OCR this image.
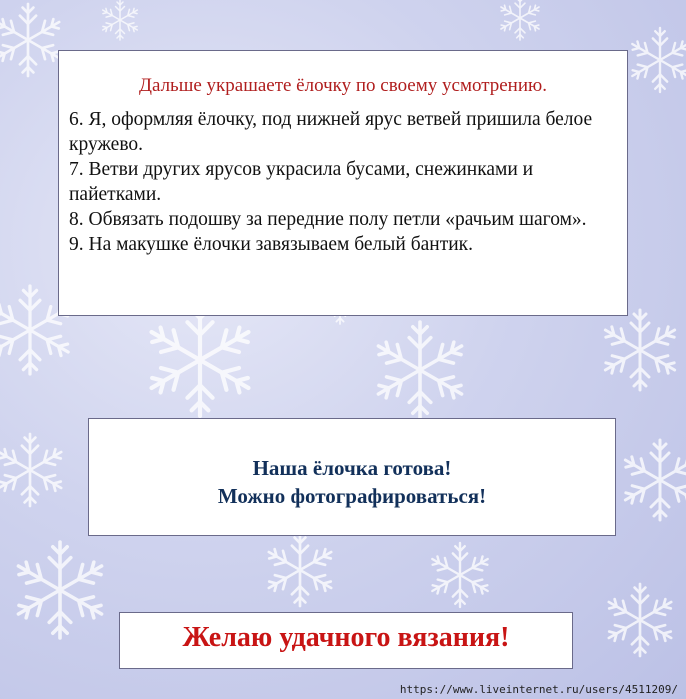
Дальше украшаете ёлочку по своему усмотрению.
6. Я, оформляя ёлочку, под нижней ярус ветвей пришила белое кружево.
7. Ветви других ярусов украсила бусами, снежинками и пайетками.
8. Обвязать подошву за передние полу петли «рачьим шагом».
9. На макушке ёлочки завязываем белый бантик.
Наша ёлочка готова!
Можно фотографироваться!
Желаю удачного вязания!
https://www.liveinternet.ru/users/4511209/
